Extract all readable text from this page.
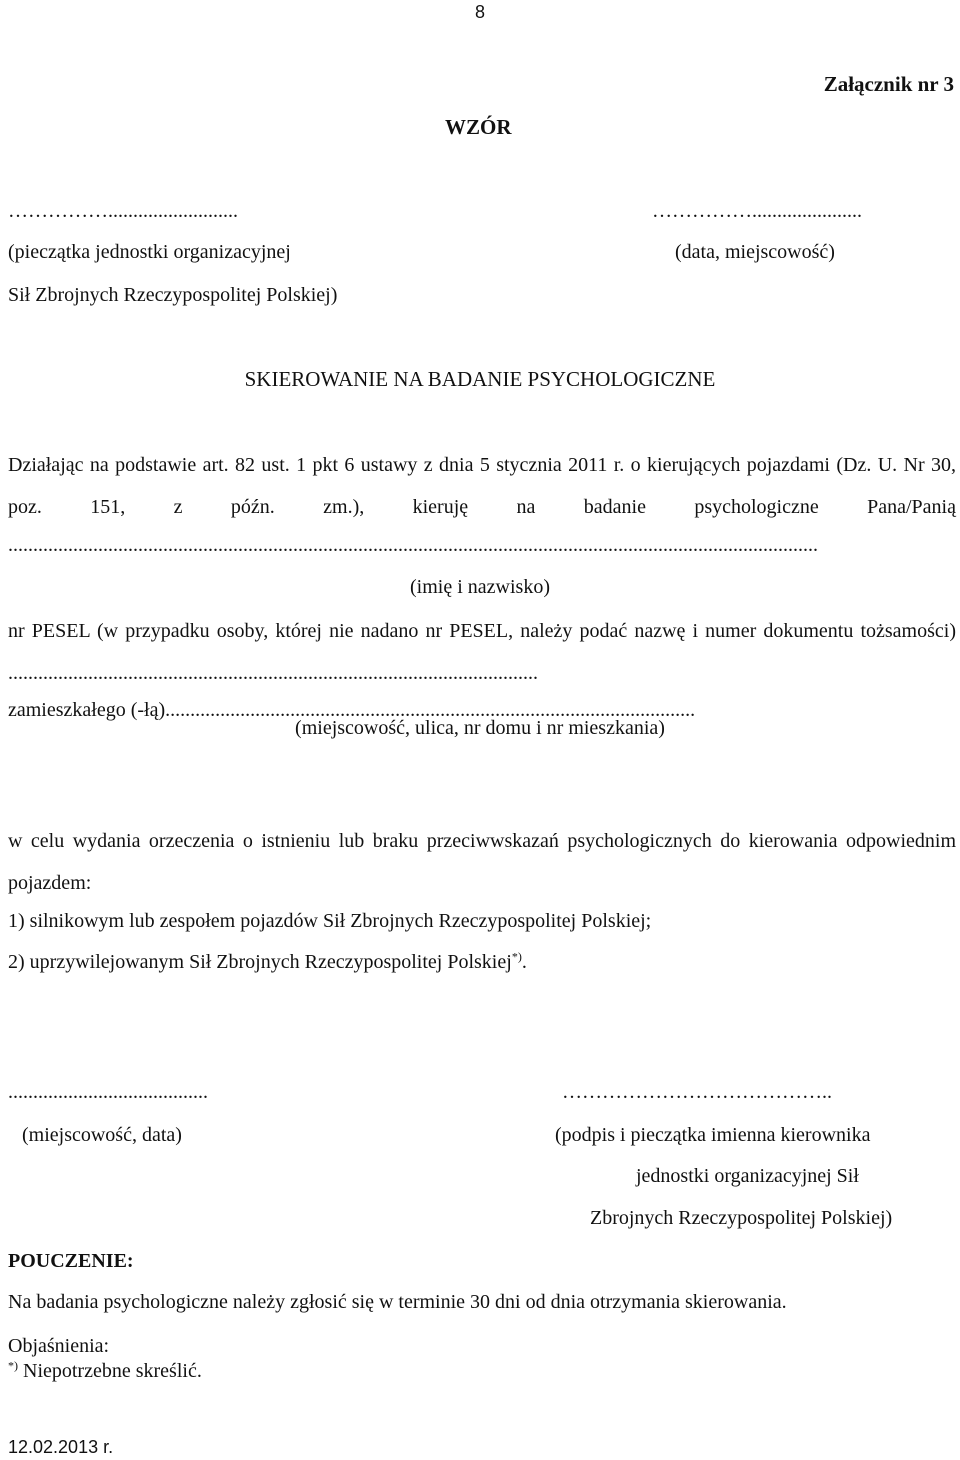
8
Załącznik nr 3
WZÓR
……………..........................	……………......................
(pieczątka jednostki organizacyjnej
Sił Zbrojnych Rzeczypospolitej Polskiej)
(data, miejscowość)
SKIEROWANIE NA BADANIE PSYCHOLOGICZNE
Działając na podstawie art. 82 ust. 1 pkt 6 ustawy z dnia 5 stycznia 2011 r. o kierujących pojazdami (Dz. U. Nr 30, poz. 151, z późn. zm.), kieruję na badanie psychologiczne Pana/Panią
..................................................................................................................................................................
(imię i nazwisko)
nr PESEL (w przypadku osoby, której nie nadano nr PESEL, należy podać nazwę i numer dokumentu tożsamości) ..........................................................................................................
zamieszkałego (-łą)..........................................................................................................
(miejscowość, ulica, nr domu i nr mieszkania)
w celu wydania orzeczenia o istnieniu lub braku przeciwwskazań psychologicznych do kierowania odpowiednim pojazdem:
1) silnikowym lub zespołem pojazdów Sił Zbrojnych Rzeczypospolitej Polskiej;
2) uprzywilejowanym Sił Zbrojnych Rzeczypospolitej Polskiej*).
........................................	…………………………………..
(miejscowość, data)	(podpis i pieczątka imienna kierownika
jednostki organizacyjnej Sił
Zbrojnych Rzeczypospolitej Polskiej)
POUCZENIE:
Na badania psychologiczne należy zgłosić się w terminie 30 dni od dnia otrzymania skierowania.
Objaśnienia:
*) Niepotrzebne skreślić.
12.02.2013 r.
